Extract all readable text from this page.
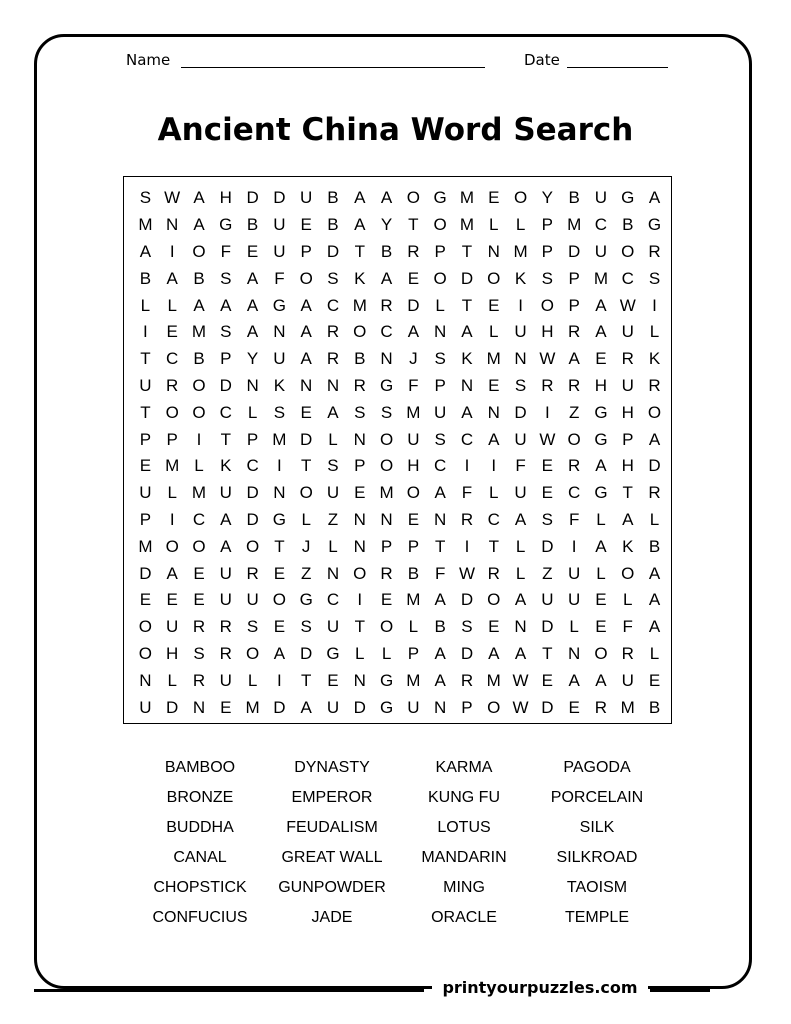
Name	Date
Ancient China Word Search
S W A H D D U B A A O G M E O Y B U G A
M N A G B U E B A Y T O M L	L P M C B G
A	I	O F E U P D T B R P T N M P D U O R
B A B S A F O S K A E O D O K S P M C S
L	L A A A G A C M R D L T E	I	O P A W I
I	E M S A N A R O C A N A L U H R A U L
T C B P Y U A R B N J S K M N W A E R K
U R O D N K N N R G F P N E S R R H U R
T O O C L S E A S S M U A N D	I	Z G H O
P P	I	T P M D L N O U S C A U W O G P A
E M L K C	I	T S P O H C	I	I	F E R A H D
U L M U D N O U E M O A F L U E C G T R
P	I	C A D G L Z N N E N R C A S F L A L
M O O A O T	J	L N P P T	I	T L D	I	A K B
D A E U R E Z N O R B F W R L Z U L O A
E E E U U O G C	I	E M A D O A U U E L A
O U R R S E S U T O L B S E N D L E F A
O H S R O A D G L	L P A D A A T N O R L
N L R U L	I	T E N G M A R M W E A A U E
U D N E M D A U D G U N P O W D E R M B
BAMBOO	DYNASTY	KARMA	PAGODA
BRONZE	EMPEROR	KUNG FU	PORCELAIN
BUDDHA	FEUDALISM	LOTUS	SILK
CANAL	GREAT WALL	MANDARIN	SILKROAD
CHOPSTICK	GUNPOWDER	MING	TAOISM
CONFUCIUS	JADE	ORACLE	TEMPLE
printyourpuzzles.com
